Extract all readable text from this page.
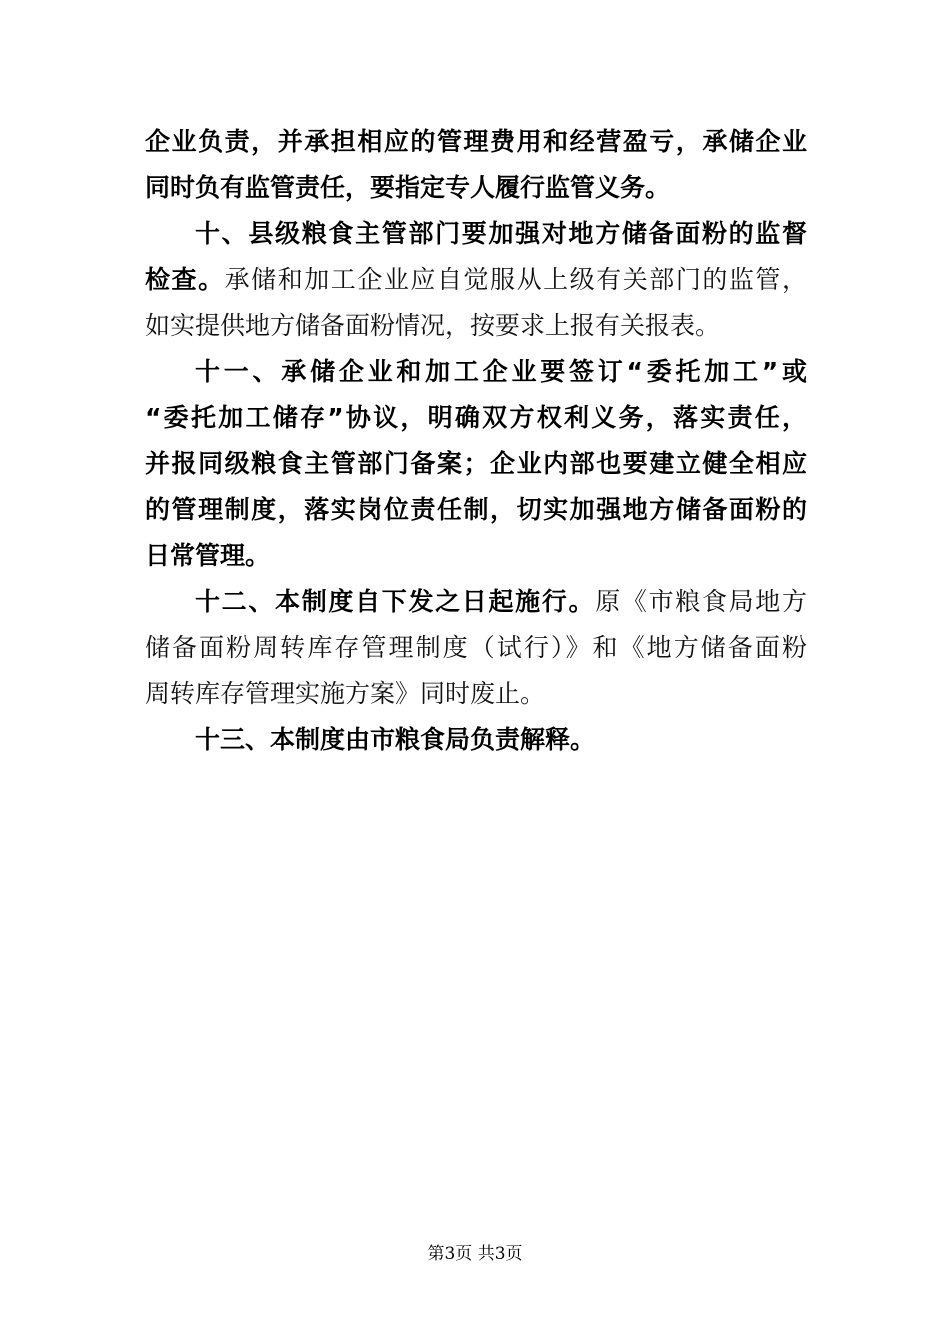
企业负责，并承担相应的管理费用和经营盈亏，承储企业
同时负有监管责任，要指定专人履行监管义务。
十、县级粮食主管部门要加强对地方储备面粉的监督
检查。承储和加工企业应自觉服从上级有关部门的监管，
如实提供地方储备面粉情况，按要求上报有关报表。
十一、承储企业和加工企业要签订“委托加工”或
“委托加工储存”协议，明确双方权利义务，落实责任，
并报同级粮食主管部门备案；企业内部也要建立健全相应
的管理制度，落实岗位责任制，切实加强地方储备面粉的
日常管理。
十二、本制度自下发之日起施行。原《市粮食局地方
储备面粉周转库存管理制度（试行）》和《地方储备面粉
周转库存管理实施方案》同时废止。
十三、本制度由市粮食局负责解释。
第3页 共3页
